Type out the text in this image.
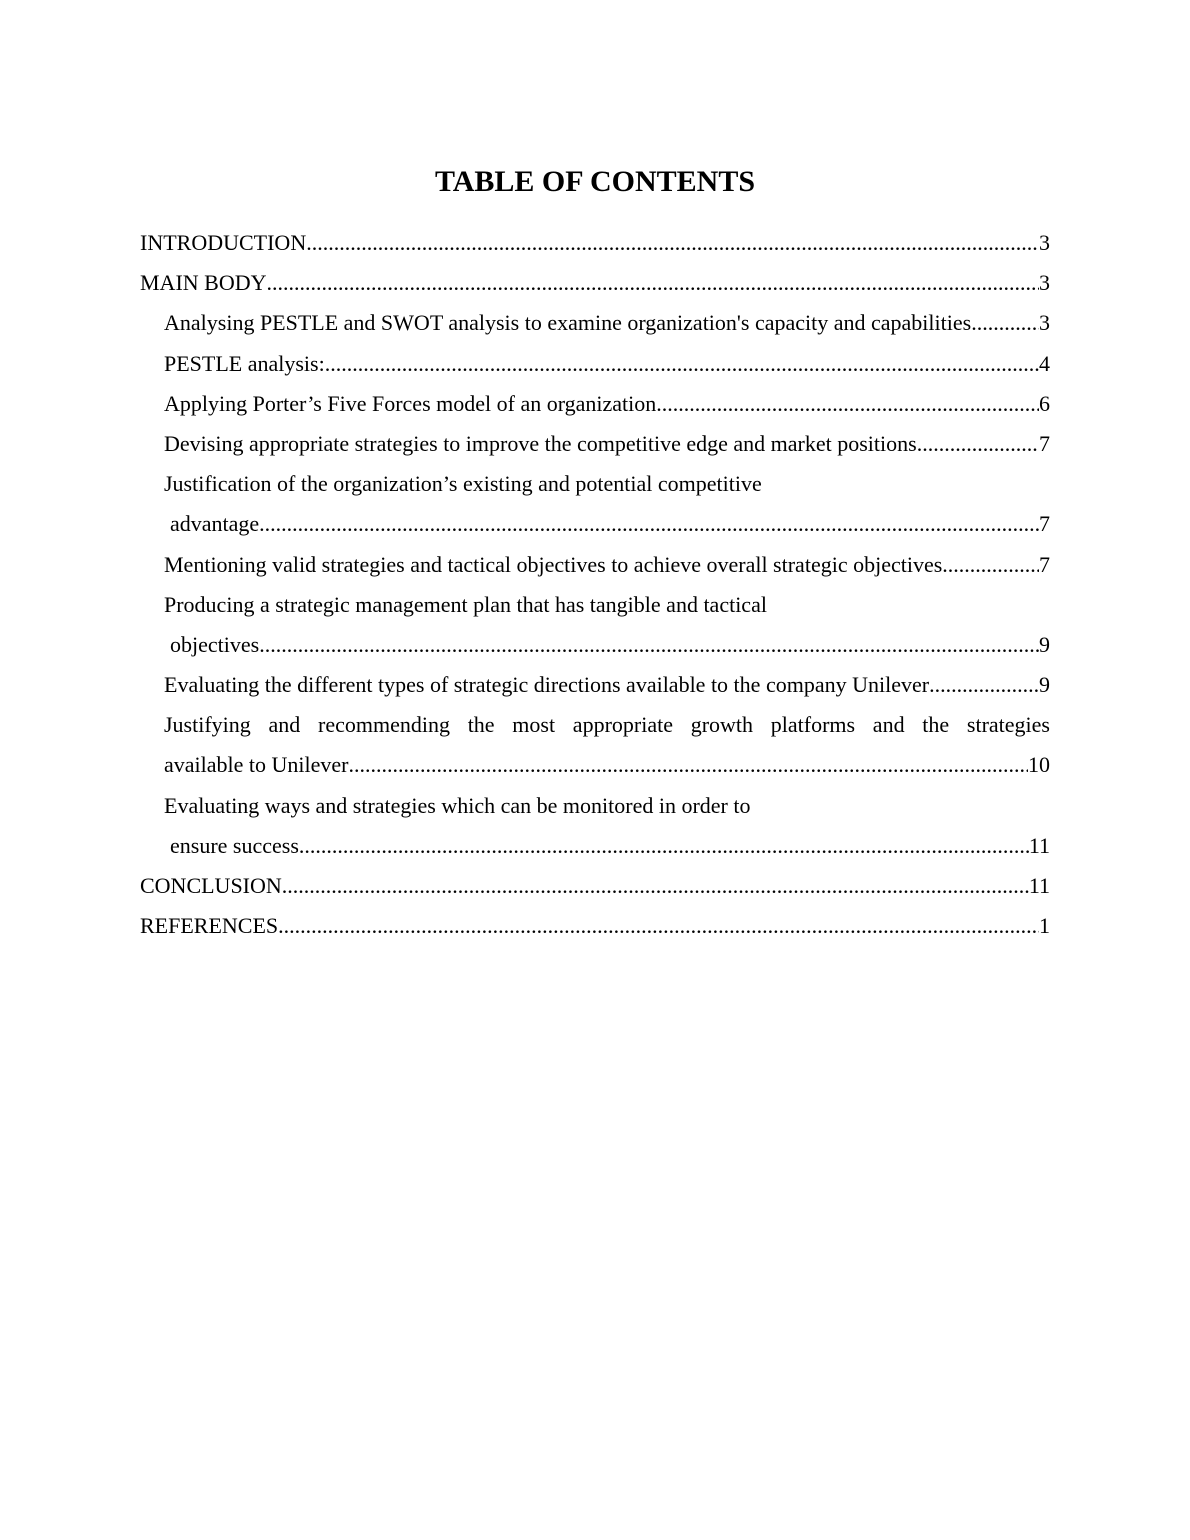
TABLE OF CONTENTS
INTRODUCTION .....	3
MAIN BODY .....	3
Analysing PESTLE and SWOT analysis to examine organization's capacity and capabilities .....	3
PESTLE analysis: .....	4
Applying Porter’s Five Forces model of an organization .....	6
Devising appropriate strategies to improve the competitive edge and market positions .....	7
Justification of the organization’s existing and potential competitive
advantage .....	7
Mentioning valid strategies and tactical objectives to achieve overall strategic objectives .....	7
Producing a strategic management plan that has tangible and tactical
objectives .....	9
Evaluating the different types of strategic directions available to the company Unilever .....	9
Justifying and recommending the most appropriate growth platforms and the strategies
available to Unilever .....	10
Evaluating ways and strategies which can be monitored in order to
ensure success .....	11
CONCLUSION .....	11
REFERENCES .....	1
